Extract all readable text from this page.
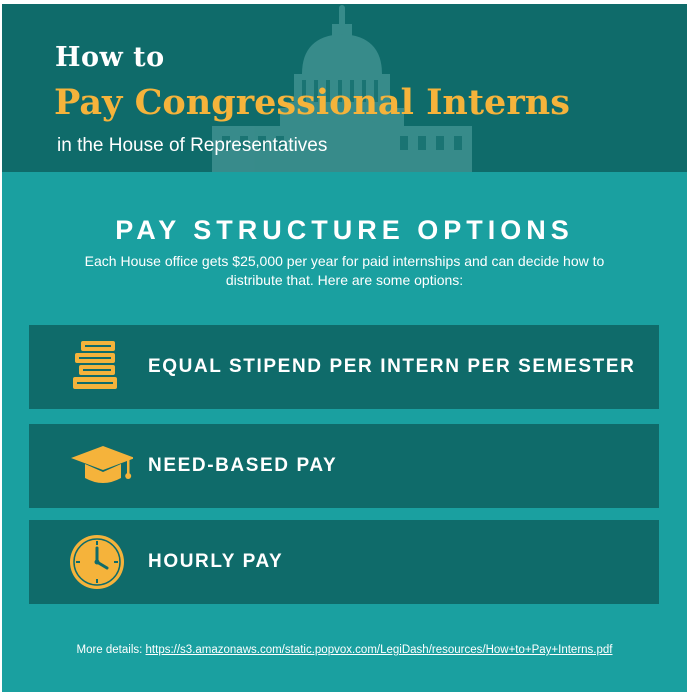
How to
Pay Congressional Interns
in the House of Representatives
PAY STRUCTURE OPTIONS
Each House office gets $25,000 per year for paid internships and can decide how to distribute that. Here are some options:
EQUAL STIPEND PER INTERN PER SEMESTER
NEED-BASED PAY
HOURLY PAY
More details: https://s3.amazonaws.com/static.popvox.com/LegiDash/resources/How+to+Pay+Interns.pdf
